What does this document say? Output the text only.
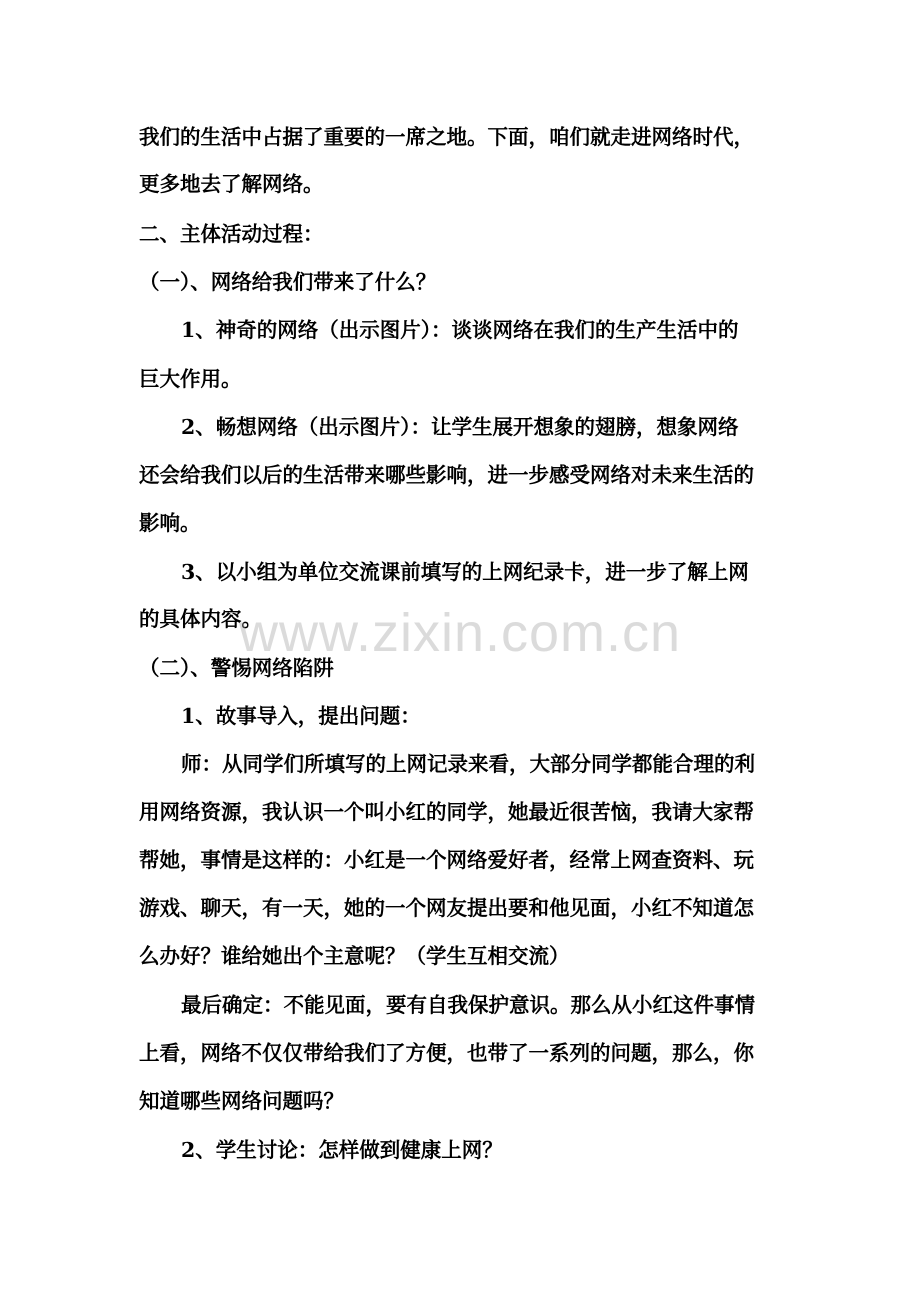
我们的生活中占据了重要的一席之地。下面，咱们就走进网络时代，
更多地去了解网络。
二、主体活动过程：
（一）、网络给我们带来了什么？
1、神奇的网络（出示图片）：谈谈网络在我们的生产生活中的
巨大作用。
2、畅想网络（出示图片）：让学生展开想象的翅膀，想象网络
还会给我们以后的生活带来哪些影响，进一步感受网络对未来生活的
影响。
3、以小组为单位交流课前填写的上网纪录卡，进一步了解上网
的具体内容。
（二）、警惕网络陷阱
1、故事导入，提出问题：
师：从同学们所填写的上网记录来看，大部分同学都能合理的利
用网络资源，我认识一个叫小红的同学，她最近很苦恼，我请大家帮
帮她，事情是这样的：小红是一个网络爱好者，经常上网查资料、玩
游戏、聊天，有一天，她的一个网友提出要和他见面，小红不知道怎
么办好？谁给她出个主意呢？（学生互相交流）
最后确定：不能见面，要有自我保护意识。那么从小红这件事情
上看，网络不仅仅带给我们了方便，也带了一系列的问题，那么，你
知道哪些网络问题吗？
2、学生讨论：怎样做到健康上网？
www.zixin.com.cn
